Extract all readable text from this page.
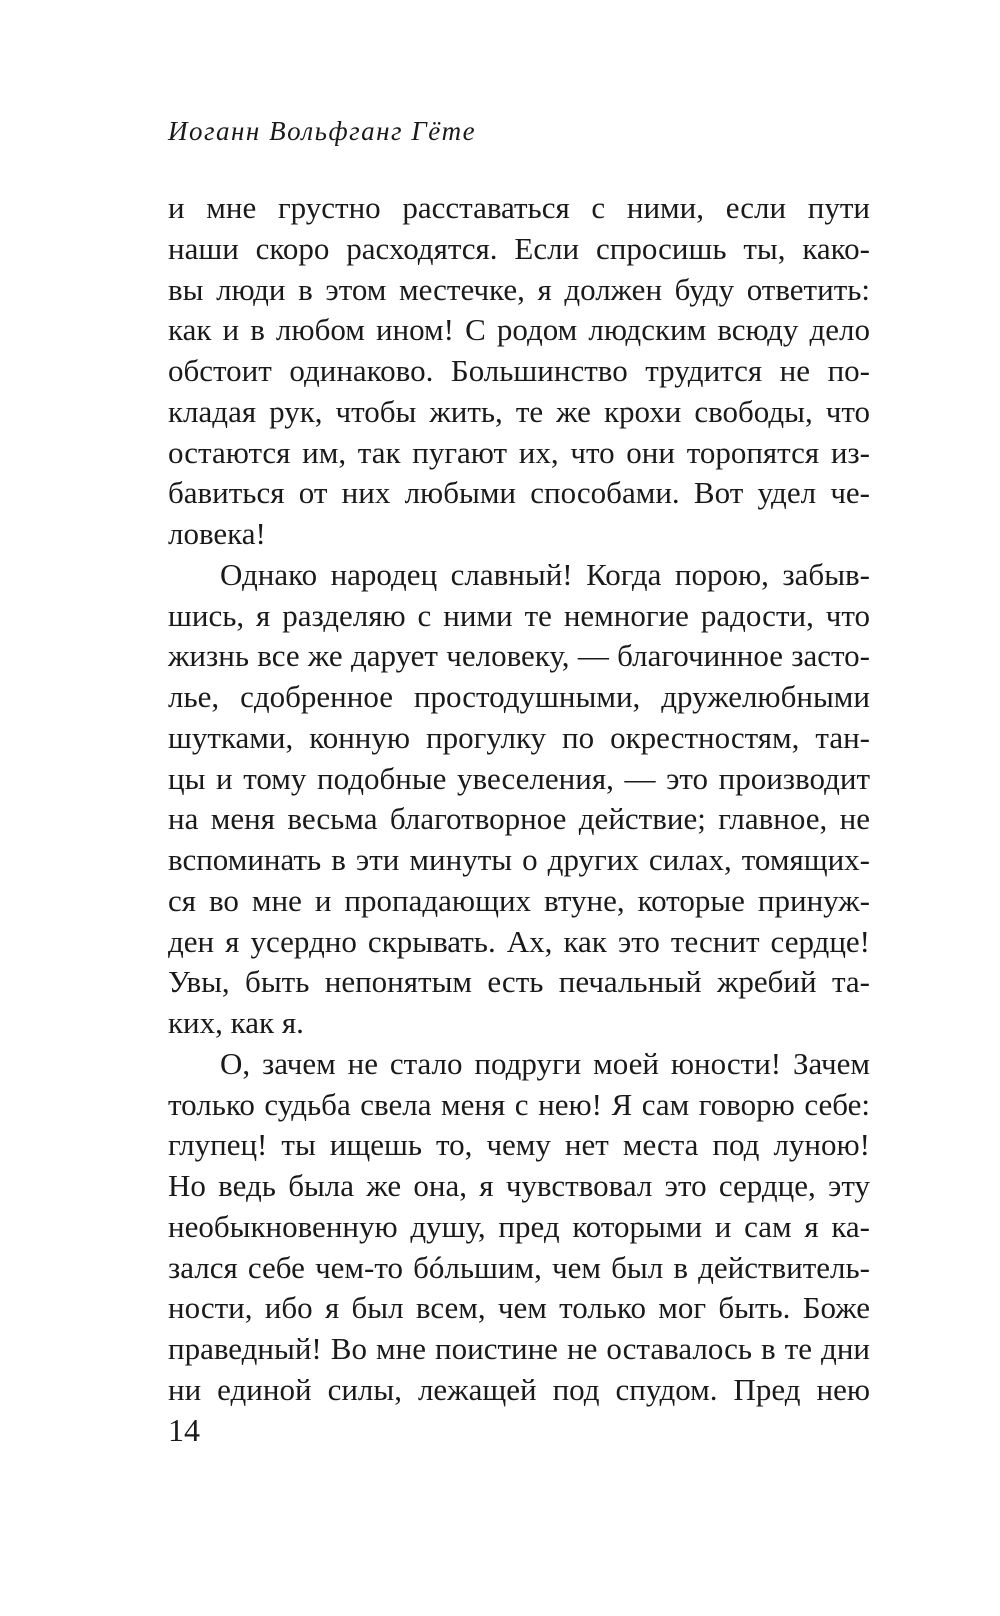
Иоганн Вольфганг Гёте
и мне грустно расставаться с ними, если пути
наши скоро расходятся. Если спросишь ты, како-
вы люди в этом местечке, я должен буду ответить:
как и в любом ином! С родом людским всюду дело
обстоит одинаково. Большинство трудится не по-
кладая рук, чтобы жить, те же крохи свободы, что
остаются им, так пугают их, что они торопятся из-
бавиться от них любыми способами. Вот удел че-
ловека!
Однако народец славный! Когда порою, забыв-
шись, я разделяю с ними те немногие радости, что
жизнь все же дарует человеку, — благочинное засто-
лье, сдобренное простодушными, дружелюбными
шутками, конную прогулку по окрестностям, тан-
цы и тому подобные увеселения, — это производит
на меня весьма благотворное действие; главное, не
вспоминать в эти минуты о других силах, томящих-
ся во мне и пропадающих втуне, которые принуж-
ден я усердно скрывать. Ах, как это теснит сердце!
Увы, быть непонятым есть печальный жребий та-
ких, как я.
О, зачем не стало подруги моей юности! Зачем
только судьба свела меня с нею! Я сам говорю себе:
глупец! ты ищешь то, чему нет места под луною!
Но ведь была же она, я чувствовал это сердце, эту
необыкновенную душу, пред которыми и сам я ка-
зался себе чем-то бóльшим, чем был в действитель-
ности, ибо я был всем, чем только мог быть. Боже
праведный! Во мне поистине не оставалось в те дни
ни единой силы, лежащей под спудом. Пред нею
14
